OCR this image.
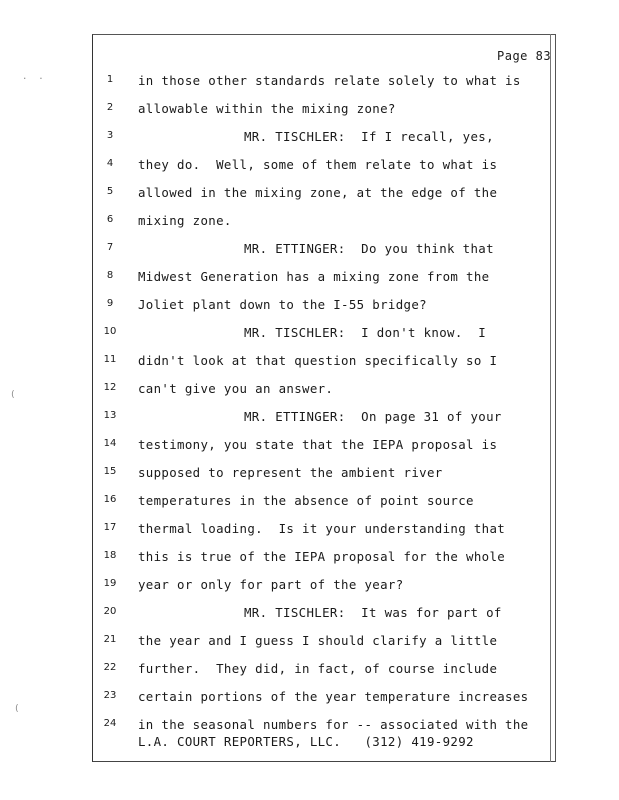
.  .
(
(
Page 83
1	in those other standards relate solely to what is
2	allowable within the mixing zone?
3	MR. TISCHLER:  If I recall, yes,
4	they do.  Well, some of them relate to what is
5	allowed in the mixing zone, at the edge of the
6	mixing zone.
7	MR. ETTINGER:  Do you think that
8	Midwest Generation has a mixing zone from the
9	Joliet plant down to the I-55 bridge?
10	MR. TISCHLER:  I don't know.  I
11	didn't look at that question specifically so I
12	can't give you an answer.
13	MR. ETTINGER:  On page 31 of your
14	testimony, you state that the IEPA proposal is
15	supposed to represent the ambient river
16	temperatures in the absence of point source
17	thermal loading.  Is it your understanding that
18	this is true of the IEPA proposal for the whole
19	year or only for part of the year?
20	MR. TISCHLER:  It was for part of
21	the year and I guess I should clarify a little
22	further.  They did, in fact, of course include
23	certain portions of the year temperature increases
24	in the seasonal numbers for -- associated with the
L.A. COURT REPORTERS, LLC.   (312) 419-9292
